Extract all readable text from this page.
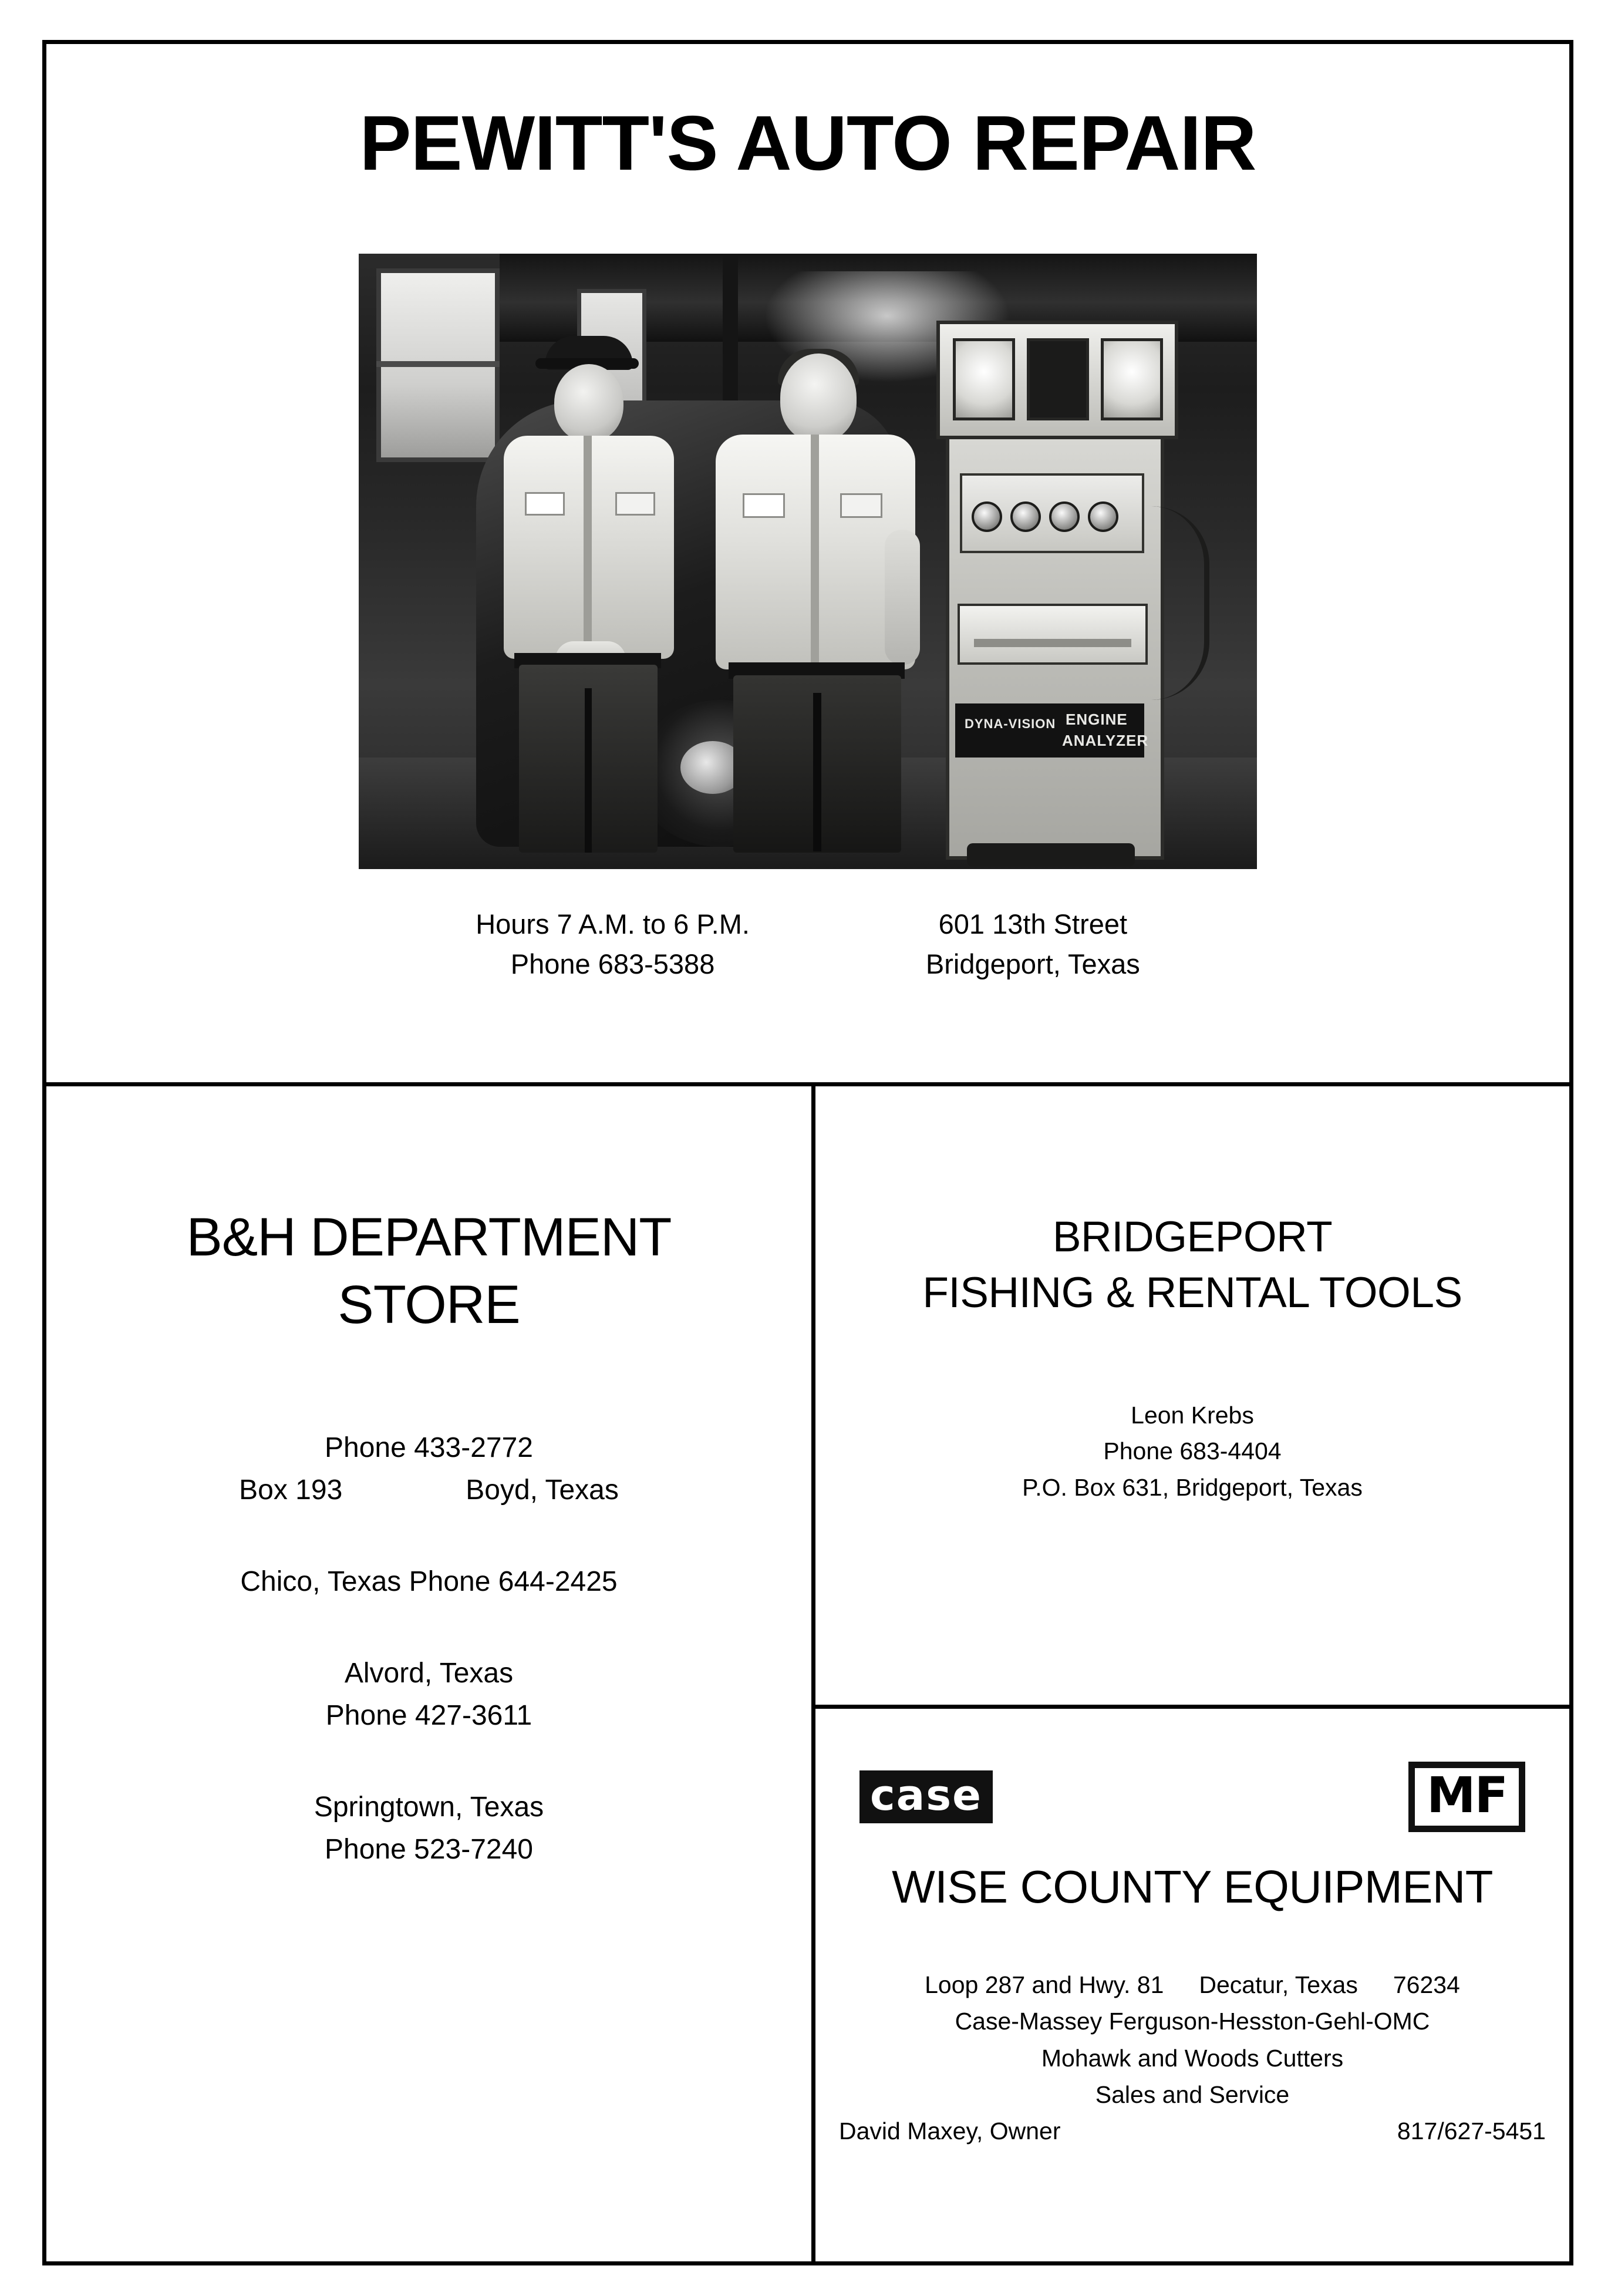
PEWITT'S AUTO REPAIR
DYNA-VISION ENGINE
ANALYZER
Hours 7 A.M. to 6 P.M.
Phone 683-5388
601 13th Street
Bridgeport, Texas
B&H DEPARTMENT
STORE
Phone 433-2772
Box 193	Boyd, Texas
Chico, Texas Phone 644-2425
Alvord, Texas
Phone 427-3611
Springtown, Texas
Phone 523-7240
BRIDGEPORT
FISHING & RENTAL TOOLS
Leon Krebs
Phone 683-4404
P.O. Box 631, Bridgeport, Texas
case	MF
WISE COUNTY EQUIPMENT
Loop 287 and Hwy. 81 Decatur, Texas 76234
Case-Massey Ferguson-Hesston-Gehl-OMC
Mohawk and Woods Cutters
Sales and Service
David Maxey, Owner	817/627-5451
